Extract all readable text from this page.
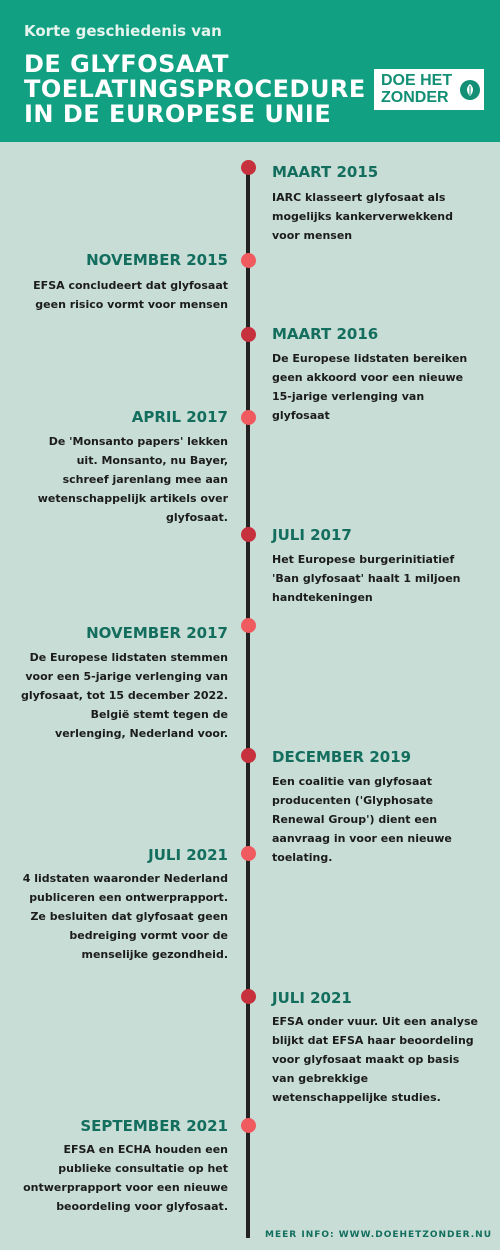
Korte geschiedenis van
DE GLYFOSAAT
TOELATINGSPROCEDURE
IN DE EUROPESE UNIE
DOE HET
ZONDER
MAART 2015
IARC klasseert glyfosaat als mogelijks kankerverwekkend voor mensen
NOVEMBER 2015
EFSA concludeert dat glyfosaat geen risico vormt voor mensen
MAART 2016
De Europese lidstaten bereiken geen akkoord voor een nieuwe 15-jarige verlenging van glyfosaat
APRIL 2017
De 'Monsanto papers' lekken uit. Monsanto, nu Bayer, schreef jarenlang mee aan wetenschappelijk artikels over glyfosaat.
JULI 2017
Het Europese burgerinitiatief 'Ban glyfosaat' haalt 1 miljoen handtekeningen
NOVEMBER 2017
De Europese lidstaten stemmen voor een 5-jarige verlenging van glyfosaat, tot 15 december 2022. België stemt tegen de verlenging, Nederland voor.
DECEMBER 2019
Een coalitie van glyfosaat producenten ('Glyphosate Renewal Group') dient een aanvraag in voor een nieuwe toelating.
JULI 2021
4 lidstaten waaronder Nederland publiceren een ontwerprapport. Ze besluiten dat glyfosaat geen bedreiging vormt voor de menselijke gezondheid.
JULI 2021
EFSA onder vuur. Uit een analyse blijkt dat EFSA haar beoordeling voor glyfosaat maakt op basis van gebrekkige wetenschappelijke studies.
SEPTEMBER 2021
EFSA en ECHA houden een publieke consultatie op het ontwerprapport voor een nieuwe beoordeling voor glyfosaat.
MEER INFO: WWW.DOEHETZONDER.NU
